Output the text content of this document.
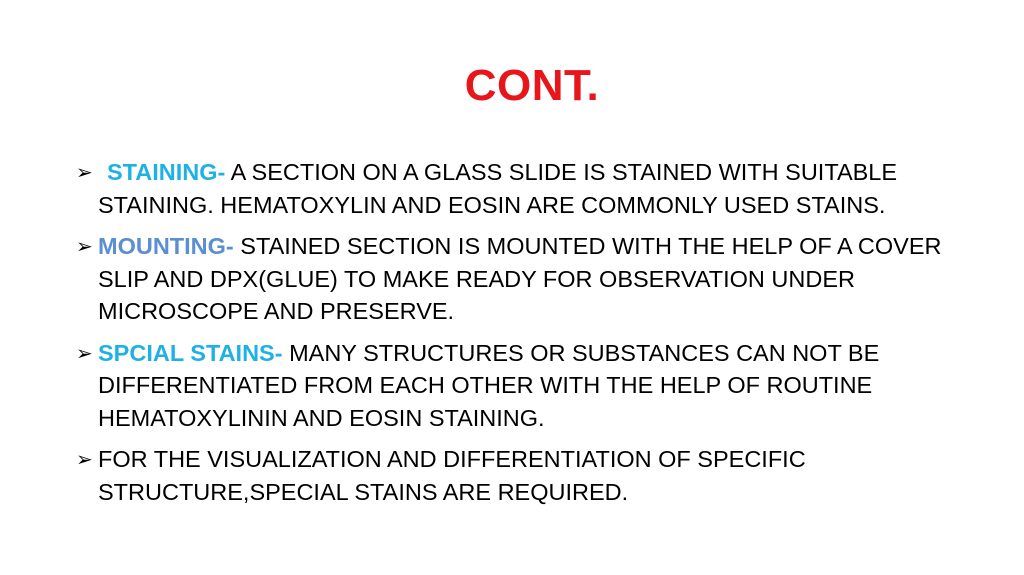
CONT.
➢ STAINING- A SECTION ON A GLASS SLIDE IS STAINED WITH SUITABLE STAINING. HEMATOXYLIN AND EOSIN ARE COMMONLY USED STAINS.
➢ MOUNTING- STAINED SECTION IS MOUNTED WITH THE HELP OF A COVER SLIP AND DPX(GLUE) TO MAKE READY FOR OBSERVATION UNDER MICROSCOPE AND PRESERVE.
➢ SPCIAL STAINS- MANY STRUCTURES OR SUBSTANCES CAN NOT BE DIFFERENTIATED FROM EACH OTHER WITH THE HELP OF ROUTINE HEMATOXYLININ AND EOSIN STAINING.
➢ FOR THE VISUALIZATION AND DIFFERENTIATION OF SPECIFIC STRUCTURE,SPECIAL STAINS ARE REQUIRED.
